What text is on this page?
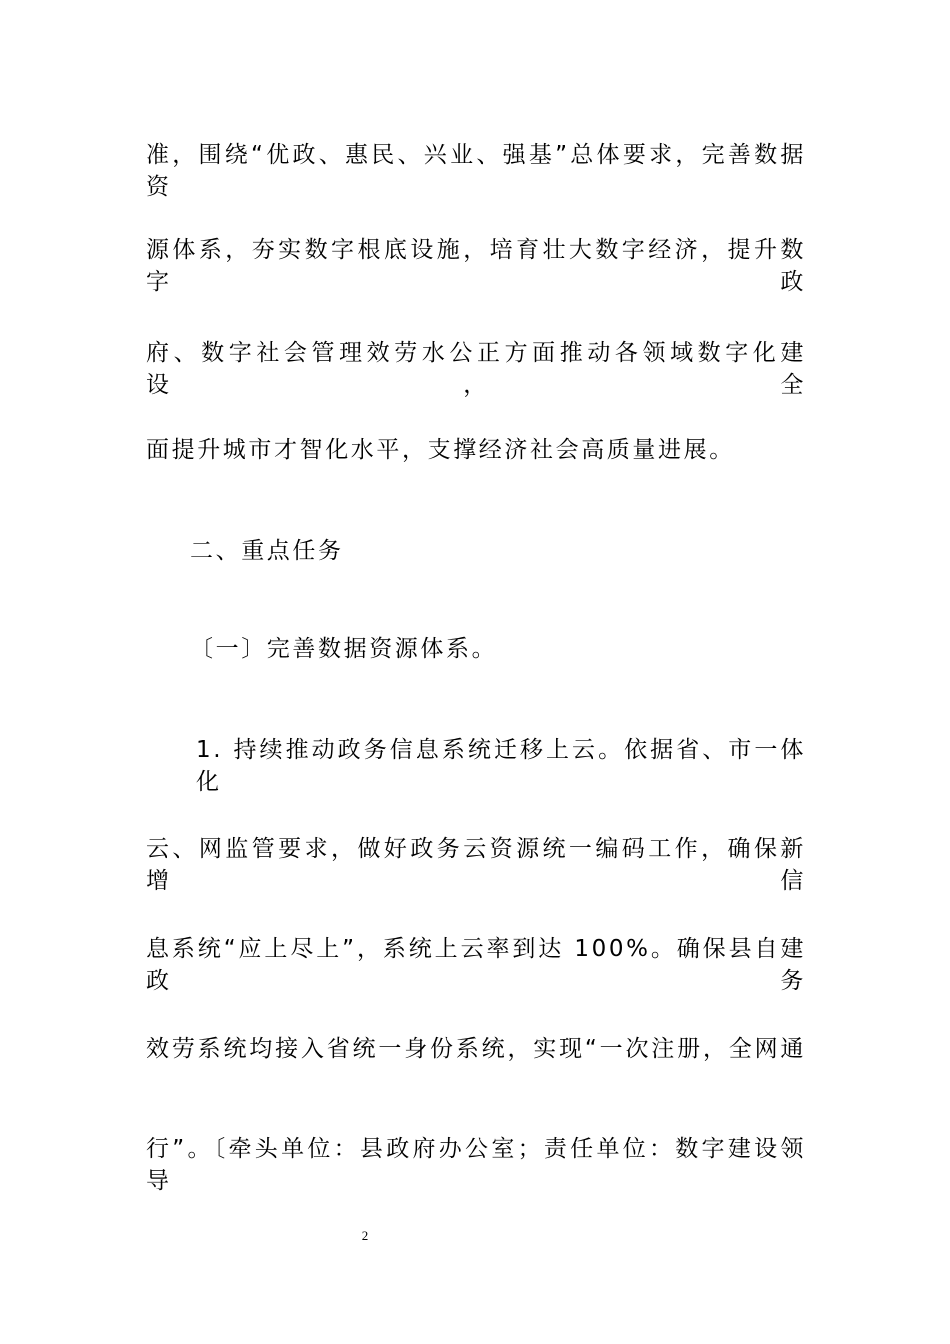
准，围绕“优政、惠民、兴业、强基”总体要求，完善数据资
源体系，夯实数字根底设施，培育壮大数字经济，提升数字政
府、数字社会管理效劳水公正方面推动各领域数字化建设，全
面提升城市才智化水平，支撑经济社会高质量进展。
二、重点任务
〔一〕完善数据资源体系。
1. 持续推动政务信息系统迁移上云。依据省、市一体化
云、网监管要求，做好政务云资源统一编码工作，确保新增信
息系统“应上尽上”，系统上云率到达 100%。确保县自建政务
效劳系统均接入省统一身份系统，实现“一次注册，全网通
行”。〔牵头单位：县政府办公室；责任单位：数字建设领导
2
